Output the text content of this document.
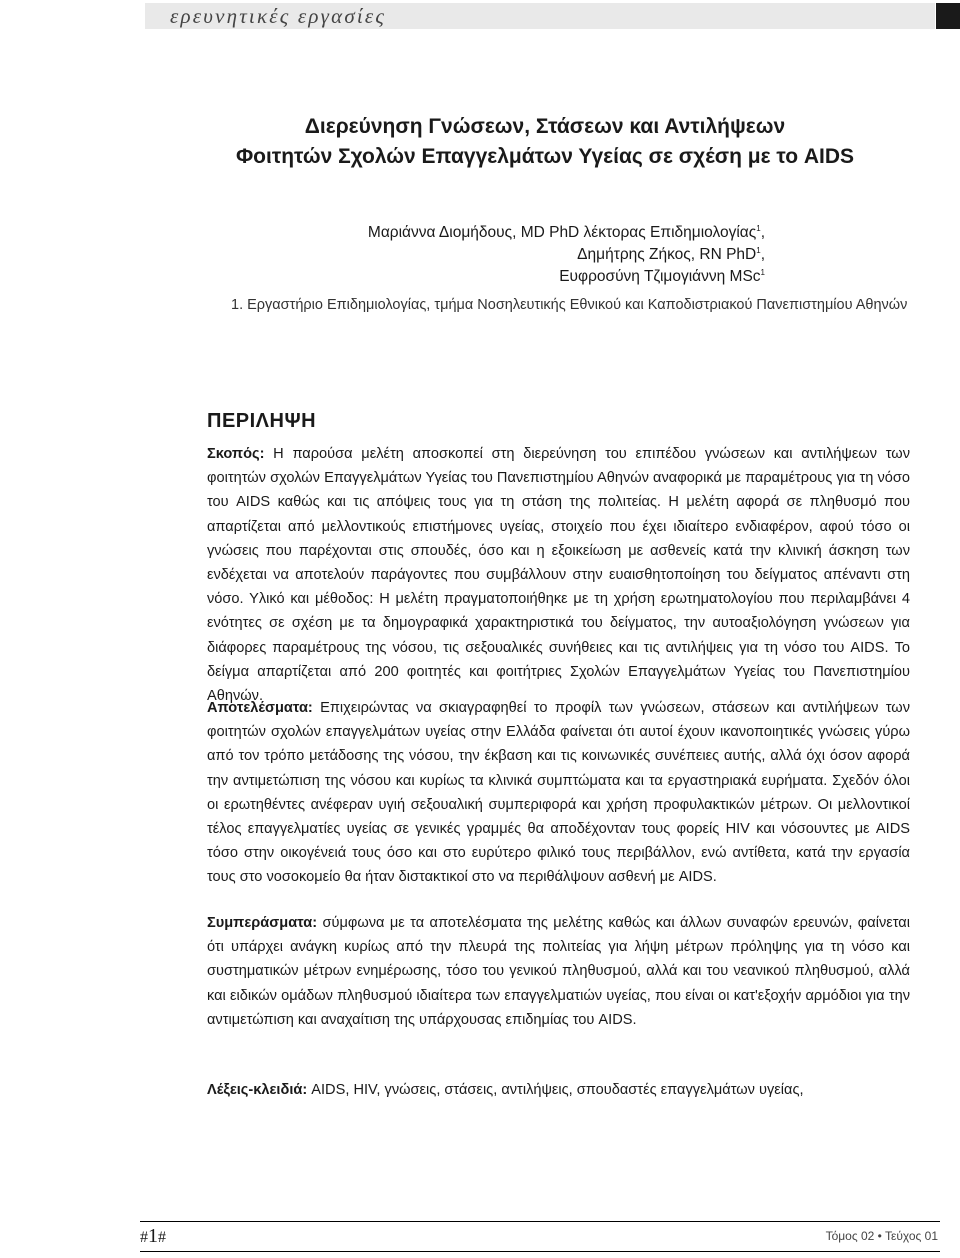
ερευνητικές εργασίες
Διερεύνηση Γνώσεων, Στάσεων και Αντιλήψεων
Φοιτητών Σχολών Επαγγελμάτων Υγείας σε σχέση με το AIDS
Μαριάννα Διομήδους, MD PhD λέκτορας Επιδημιολογίας$^1$,
Δημήτρης Ζήκος, RN PhD$^1$,
Ευφροσύνη Τζιμογιάννη MSc$^1$
1. Εργαστήριο Επιδημιολογίας, τμήμα Νοσηλευτικής Εθνικού και Καποδιστριακού Πανεπιστημίου Αθηνών
ΠΕΡΙΛΗΨΗ
Σκοπός: Η παρούσα μελέτη αποσκοπεί στη διερεύνηση του επιπέδου γνώσεων και αντιλήψεων των φοιτητών σχολών Επαγγελμάτων Υγείας του Πανεπιστημίου Αθηνών αναφορικά με παραμέτρους για τη νόσο του AIDS καθώς και τις απόψεις τους για τη στάση της πολιτείας. Η μελέτη αφορά σε πληθυσμό που απαρτίζεται από μελλοντικούς επιστήμονες υγείας, στοιχείο που έχει ιδιαίτερο ενδιαφέρον, αφού τόσο οι γνώσεις που παρέχονται στις σπουδές, όσο και η εξοικείωση με ασθενείς κατά την κλινική άσκηση των ενδέχεται να αποτελούν παράγοντες που συμβάλλουν στην ευαισθητοποίηση του δείγματος απέναντι στη νόσο. Υλικό και μέθοδος: Η μελέτη πραγματοποιήθηκε με τη χρήση ερωτηματολογίου που περιλαμβάνει 4 ενότητες σε σχέση με τα δημογραφικά χαρακτηριστικά του δείγματος, την αυτοαξιολόγηση γνώσεων για διάφορες παραμέτρους της νόσου, τις σεξουαλικές συνήθειες και τις αντιλήψεις για τη νόσο του AIDS. Το δείγμα απαρτίζεται από 200 φοιτητές και φοιτήτριες Σχολών Επαγγελμάτων Υγείας του Πανεπιστημίου Αθηνών.
Αποτελέσματα: Επιχειρώντας να σκιαγραφηθεί το προφίλ των γνώσεων, στάσεων και αντιλήψεων των φοιτητών σχολών επαγγελμάτων υγείας στην Ελλάδα φαίνεται ότι αυτοί έχουν ικανοποιητικές γνώσεις γύρω από τον τρόπο μετάδοσης της νόσου, την έκβαση και τις κοινωνικές συνέπειες αυτής, αλλά όχι όσον αφορά την αντιμετώπιση της νόσου και κυρίως τα κλινικά συμπτώματα και τα εργαστηριακά ευρήματα. Σχεδόν όλοι οι ερωτηθέντες ανέφεραν υγιή σεξουαλική συμπεριφορά και χρήση προφυλακτικών μέτρων. Οι μελλοντικοί τέλος επαγγελματίες υγείας σε γενικές γραμμές θα αποδέχονταν τους φορείς HIV και νόσουντες με AIDS τόσο στην οικογένειά τους όσο και στο ευρύτερο φιλικό τους περιβάλλον, ενώ αντίθετα, κατά την εργασία τους στο νοσοκομείο θα ήταν διστακτικοί στο να περιθάλψουν ασθενή με AIDS.
Συμπεράσματα: σύμφωνα με τα αποτελέσματα της μελέτης καθώς και άλλων συναφών ερευνών, φαίνεται ότι υπάρχει ανάγκη κυρίως από την πλευρά της πολιτείας για λήψη μέτρων πρόληψης για τη νόσο και συστηματικών μέτρων ενημέρωσης, τόσο του γενικού πληθυσμού, αλλά και του νεανικού πληθυσμού, αλλά και ειδικών ομάδων πληθυσμού ιδιαίτερα των επαγγελματιών υγείας, που είναι οι κατ'εξοχήν αρμόδιοι για την αντιμετώπιση και αναχαίτιση της υπάρχουσας επιδημίας του AIDS.
Λέξεις-κλειδιά: AIDS, HIV, γνώσεις, στάσεις, αντιλήψεις, σπουδαστές επαγγελμάτων υγείας,
#1#	Τόμος 02 • Τεύχος 01
